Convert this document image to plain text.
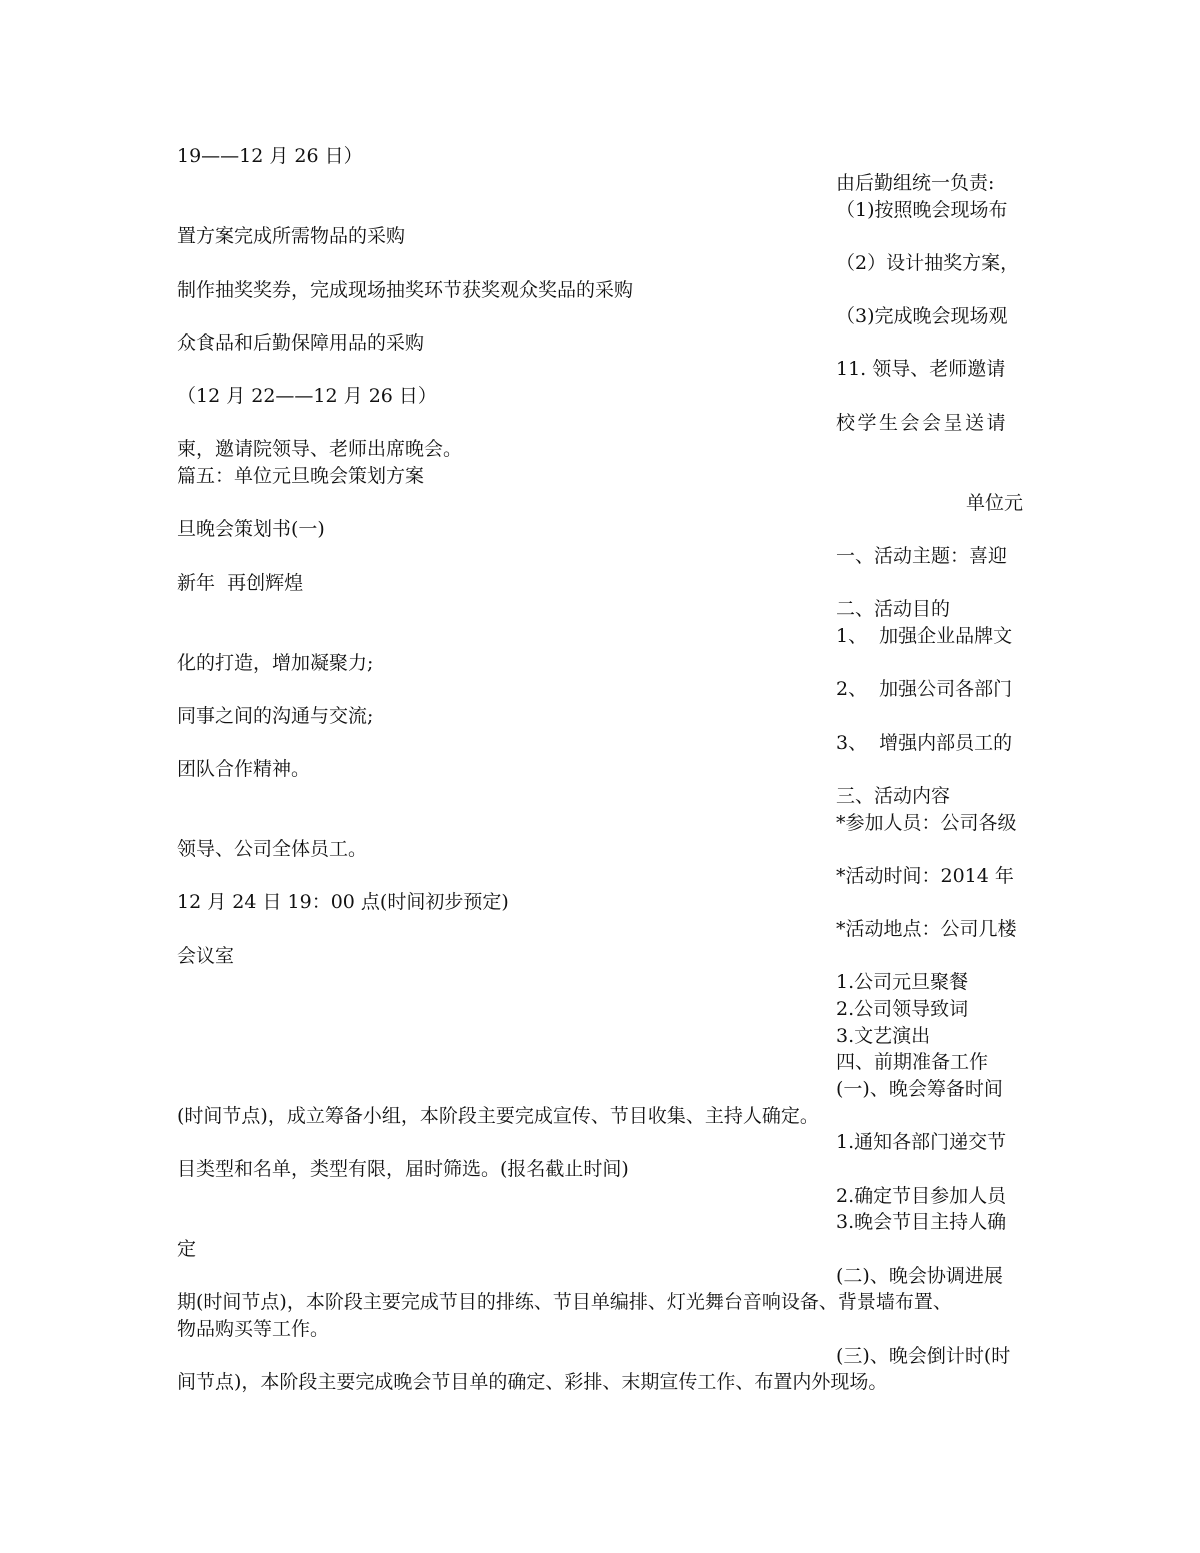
19——12 月 26 日）
由后勤组统一负责:
（1)按照晚会现场布
置方案完成所需物品的采购
（2）设计抽奖方案，
制作抽奖奖券，完成现场抽奖环节获奖观众奖品的采购
（3)完成晚会现场观
众食品和后勤保障用品的采购
11. 领导、老师邀请
（12 月 22——12 月 26 日）
校学生会会呈送请
柬，邀请院领导、老师出席晚会。
篇五：单位元旦晚会策划方案
单位元
旦晚会策划书(一)
一、活动主题：喜迎
新年  再创辉煌
二、活动目的
1、  加强企业品牌文
化的打造，增加凝聚力;
2、  加强公司各部门
同事之间的沟通与交流;
3、  增强内部员工的
团队合作精神。
三、活动内容
*参加人员：公司各级
领导、公司全体员工。
*活动时间：2014 年
12 月 24 日 19：00 点(时间初步预定)
*活动地点：公司几楼
会议室
1.公司元旦聚餐
2.公司领导致词
3.文艺演出
四、前期准备工作
(一)、晚会筹备时间
(时间节点)，成立筹备小组，本阶段主要完成宣传、节目收集、主持人确定。
1.通知各部门递交节
目类型和名单，类型有限，届时筛选。(报名截止时间)
2.确定节目参加人员
3.晚会节目主持人确
定
(二)、晚会协调进展
期(时间节点)，本阶段主要完成节目的排练、节目单编排、灯光舞台音响设备、背景墙布置、
物品购买等工作。
(三)、晚会倒计时(时
间节点)，本阶段主要完成晚会节目单的确定、彩排、末期宣传工作、布置内外现场。
